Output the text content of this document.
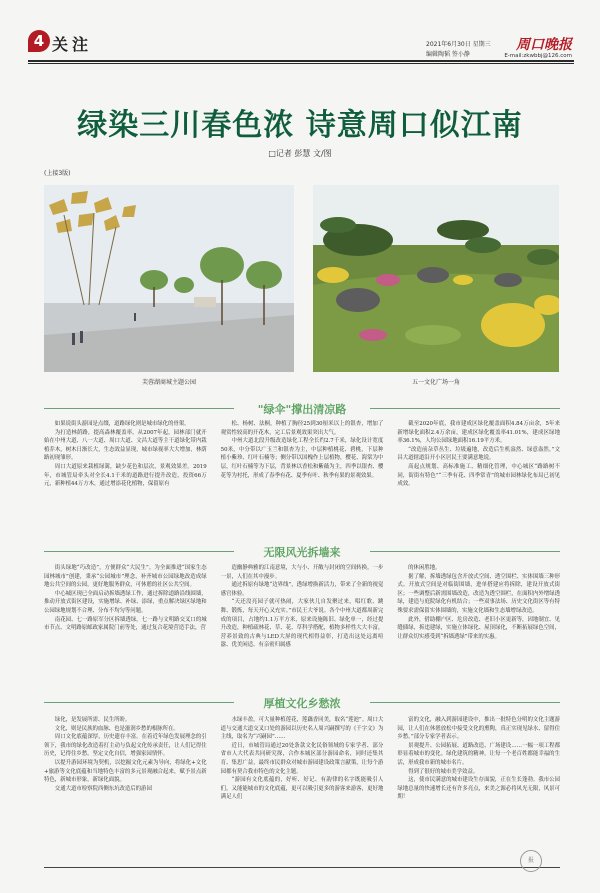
4 关注	2021年6月30日 星期三
编辑陶韬 签小静
周口晚报
E-mail:zkwbbj@126.com
绿染三川春色浓 诗意周口似江南
□记者 彭慧 文/图
(上接3版)
芙蓉湖商城主题公园	五一文化广场一角
"绿伞"撑出清凉路

如果说街头游园是点缀，道路绿化则是城市绿化的骨架。

为打造林荫路，提高森林覆盖率，从2007年起，园林部门就开始在中州大道、八一大道、周口大道、文昌大道等主干道绿化带内栽植乔木，树木日渐长大，生态效益显现，城市绿视率大大增加，林荫路初现雏形。

周口大道原来栽植绿篱，缺少花色和层次，景观效果差。2019年，市城管局牵头对全长4.1千米的道路进行提升改造，投资66万元，新种植44万方木，通过增添花化植物，保留原有

松、杨树、法桐，种植了胸径25到30厘米以上的银杏，增加了观赏性较高的开花木，完工后景观效果突出大气。

中州大道北段升级改造绿化工程全长约2.7千米，绿化设计宽度50米，中分带以广玉兰和银杏为主，中层种植桃花、碧桃，下层种植小紫珍、红叶石楠等；侧分带以国槐作上层植物，樱花、海棠为中层，红叶石楠等为下层，背景林以香松和紫薇为主，四季以银杏、樱花等为衬托，形成了春季有花、夏季有叶、秋季有果的景观效果。

截至2020年底，我市建成区绿化覆盖面积4.84万亩余，5年来新增绿化面积2.4万余亩，建成区绿化覆盖率41.01%，建成区绿地率36.1%，人均公园绿地面积16.19平方米。

“改造前杂草丛生、垃圾遍地，改造后生机盎然、绿意盎然。”文昌大道辖道沿开小区居民王要满意地说。

高起点规划、高标准施工、精细化管理，中心城区“路路树不同，街街有特色”“三季有花、四季常青”的城市园林绿化布局已初见成效。

无限风光拆墙来

街头绿地“巧改造”，方便群众“大民生”。为全面推进“国家生态园林城市”创建，秉承“公园城市”理念，补齐城市公园绿地改造成绿地公共空间的公园，更好地服务群众，可休憩的社区公共空间。

中心城区现已全面启动拆墙透绿工作，通过拆除道路沿线围墙，推动开放式街区建设，实施增绿、补绿、添绿，重点解决绿区绿地和公园绿地规划不合理、分布不均匀等问题。

南花园、七一路原军分区拆墙透绿，七一路与文明路交叉口的城市节点、文明路原邮政家属院门前等处，通过复合花境营造手法，营

造幽静典雅的江南意境，大与小、开敞与封闭的空间转换，一步一景，人们在其中漫步。

通过拆原有绿地“边界线”，透绿增换新活力，带来了全新的视觉感官体验。

“天还没亮园子就可热闹，大家伙儿自发聚过来，唱红歌、跳舞、锻炼，每天开心又充实。”市民王大爷说。各个中州大道都周新完成的项目，占地约1.1万平方米，原来设施陈旧、绿化单一，经过提升改造，种植疏林花、草、花、草科学搭配，植物多样性大大丰富，营养景致的古典与LED大屏的现代相得益彰，打造出这处远离喧嚣、优美闲适、有亲密归属感

的休闲胜地。

据了解，拆墙透绿包含开放式空间、透空围栏、实体围墙三种形式。开放式空间是对临街围墙，进单搭建应将拆除，建设开放式街区；一些调整后新需围墙改造，改造为透空围栏，在面积内外增绿透绿，建造与庭院绿化有机结合；一些双事法场、历史文化街区等有特殊要求需保留实体围墙的，实施文化墙和生态墙增绿改造。

此外，借助棚户区、危房改造、老旧小区更新等，因地制宜、见缝插绿，拆违建绿，实施立体绿化、屋顶绿化，不断拓展绿色空间，让群众切实感受到“拆墙透绿”带来的实惠。

厚植文化乡愁浓

绿化，是发展所需、民生所盼。

文化，则是民族的血脉、也是滋润乡愁的根脉所在。

周口文化底蕴深厚，历史遗存丰富。在着近年绿色发展理念的引领下，我市的绿化改造着打主动与负起文化传承责任，让人们记得住历史，记得住乡愁，坚定文化自信，增强家园情怀。

以提升游园环境为契机，以挖掘文化元素为导向，将绿化+文化+旅游等文化底蕴和当地特色丰富的多元景观融合起来，赋予景点新特色，新城市形象，新绿化面貌。

交通大道市检察院西侧东坑改造后的游园

水绿丰盈，可大量种植莲花，莲藕香同美，取名“莲池”。周口大道与交通大道交叉口处的游园以历史名人周兴嗣撰写的《千字文》为主线，取名为“兴嗣园”……

近日，市城管局通过20处条款文化民俗领域的专家学者、部分省市人大代表共同研究探，合作本城区部分游园命名，同时还集其育、集思广益，最终市民群众对城市游园建设政策言献策，让每个游园都有契合我市特色的文化主题。

“游园有文化底蕴的，好听、好记、有韵律的名字既能吸引人们，又能能城市的文化底蕴，更可以吸引更多的游客来游客，更好地满足人们

富的文化，融入到游园建设中，推出一批特色分明的文化主题游园，让人们在休憩放松中接受文化的熏陶，真正实现见绿水、留得住乡愁。”部分专家学者表示。

景观提升、公园拓展、道路改造、广场建设……一幅一项工程都彰显着城市的变化。绿化建筑的精神，让每一个老百姓都能幸福的生活，形成我市新的城市名片。

得到了很好的城市美学效益。

这，使市民满意的城市建设生存面貌，正在生长蓬勃。我市公园绿地总量的快速增长还有许多亮点，来美之源必将风光无限，风景可期！

报
